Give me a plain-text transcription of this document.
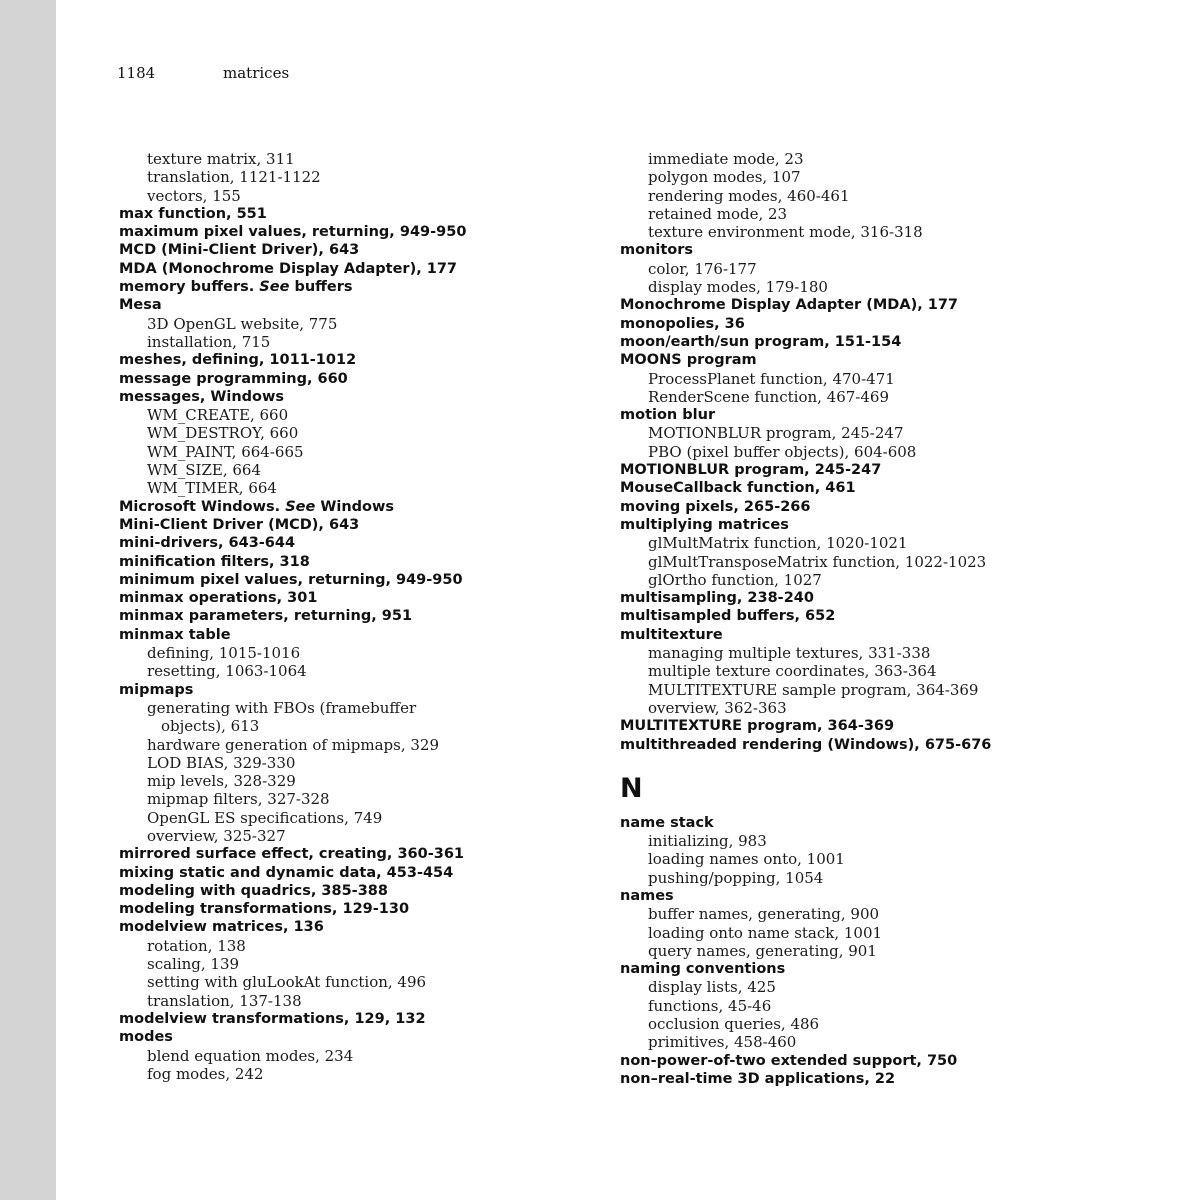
1184	matrices
texture matrix, 311
translation, 1121-1122
vectors, 155
max function, 551
maximum pixel values, returning, 949-950
MCD (Mini-Client Driver), 643
MDA (Monochrome Display Adapter), 177
memory buffers. See buffers
Mesa
3D OpenGL website, 775
installation, 715
meshes, defining, 1011-1012
message programming, 660
messages, Windows
WM_CREATE, 660
WM_DESTROY, 660
WM_PAINT, 664-665
WM_SIZE, 664
WM_TIMER, 664
Microsoft Windows. See Windows
Mini-Client Driver (MCD), 643
mini-drivers, 643-644
minification filters, 318
minimum pixel values, returning, 949-950
minmax operations, 301
minmax parameters, returning, 951
minmax table
defining, 1015-1016
resetting, 1063-1064
mipmaps
generating with FBOs (framebuffer
objects), 613
hardware generation of mipmaps, 329
LOD BIAS, 329-330
mip levels, 328-329
mipmap filters, 327-328
OpenGL ES specifications, 749
overview, 325-327
mirrored surface effect, creating, 360-361
mixing static and dynamic data, 453-454
modeling with quadrics, 385-388
modeling transformations, 129-130
modelview matrices, 136
rotation, 138
scaling, 139
setting with gluLookAt function, 496
translation, 137-138
modelview transformations, 129, 132
modes
blend equation modes, 234
fog modes, 242
immediate mode, 23
polygon modes, 107
rendering modes, 460-461
retained mode, 23
texture environment mode, 316-318
monitors
color, 176-177
display modes, 179-180
Monochrome Display Adapter (MDA), 177
monopolies, 36
moon/earth/sun program, 151-154
MOONS program
ProcessPlanet function, 470-471
RenderScene function, 467-469
motion blur
MOTIONBLUR program, 245-247
PBO (pixel buffer objects), 604-608
MOTIONBLUR program, 245-247
MouseCallback function, 461
moving pixels, 265-266
multiplying matrices
glMultMatrix function, 1020-1021
glMultTransposeMatrix function, 1022-1023
glOrtho function, 1027
multisampling, 238-240
multisampled buffers, 652
multitexture
managing multiple textures, 331-338
multiple texture coordinates, 363-364
MULTITEXTURE sample program, 364-369
overview, 362-363
MULTITEXTURE program, 364-369
multithreaded rendering (Windows), 675-676
N
name stack
initializing, 983
loading names onto, 1001
pushing/popping, 1054
names
buffer names, generating, 900
loading onto name stack, 1001
query names, generating, 901
naming conventions
display lists, 425
functions, 45-46
occlusion queries, 486
primitives, 458-460
non-power-of-two extended support, 750
non–real-time 3D applications, 22
